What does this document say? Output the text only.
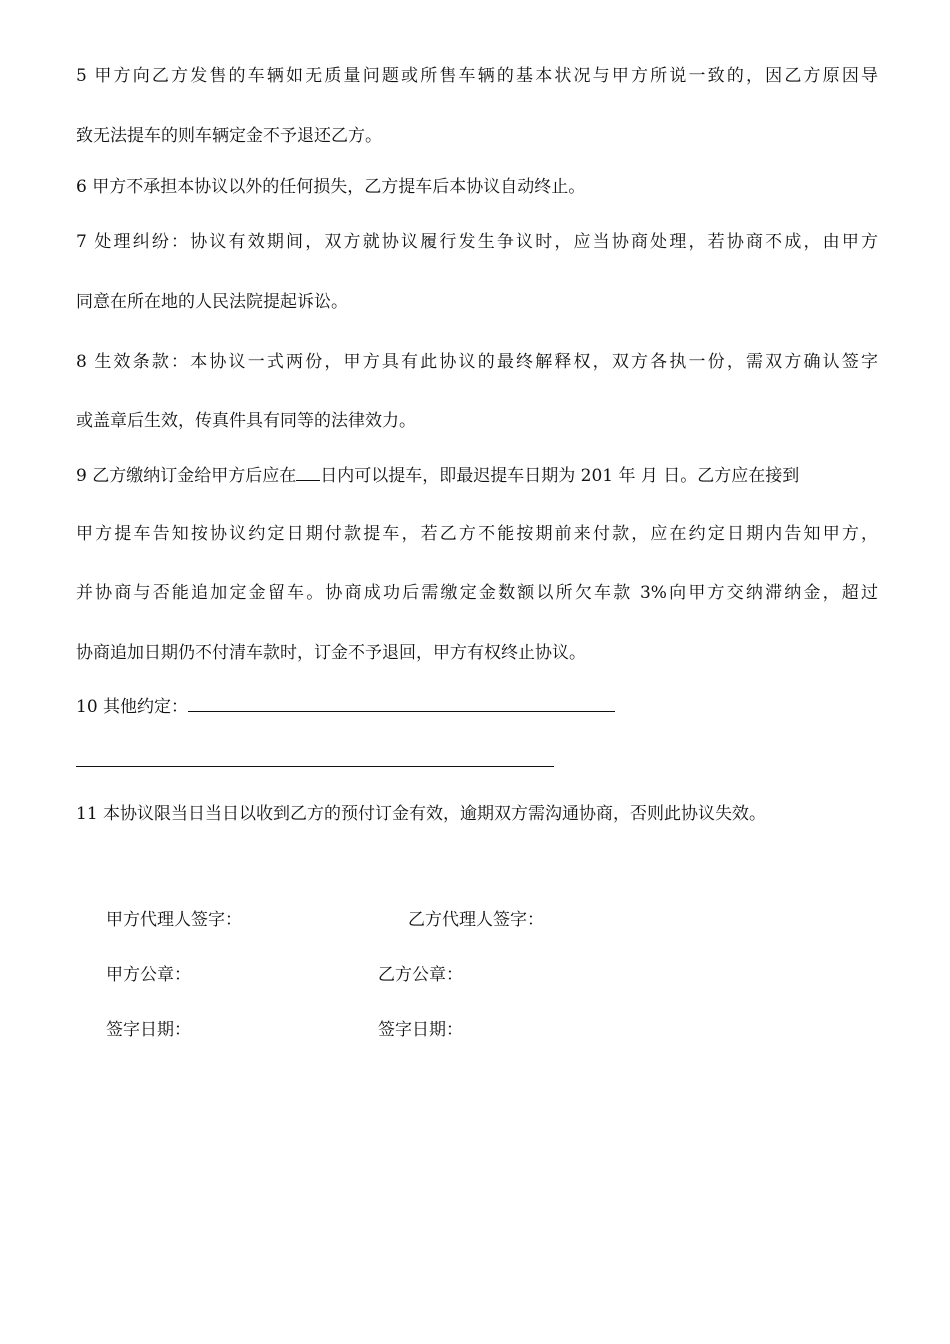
5 甲方向乙方发售的车辆如无质量问题或所售车辆的基本状况与甲方所说一致的，因乙方原因导
致无法提车的则车辆定金不予退还乙方。
6 甲方不承担本协议以外的任何损失，乙方提车后本协议自动终止。
7 处理纠纷：协议有效期间，双方就协议履行发生争议时，应当协商处理，若协商不成，由甲方
同意在所在地的人民法院提起诉讼。
8 生效条款：本协议一式两份，甲方具有此协议的最终解释权，双方各执一份，需双方确认签字
或盖章后生效，传真件具有同等的法律效力。
9 乙方缴纳订金给甲方后应在 日内可以提车，即最迟提车日期为 201 年 月 日。乙方应在接到
甲方提车告知按协议约定日期付款提车，若乙方不能按期前来付款，应在约定日期内告知甲方，
并协商与否能追加定金留车。协商成功后需缴定金数额以所欠车款 3%向甲方交纳滞纳金，超过
协商追加日期仍不付清车款时，订金不予退回，甲方有权终止协议。
10 其他约定：
11 本协议限当日当日以收到乙方的预付订金有效，逾期双方需沟通协商，否则此协议失效。
甲方代理人签字：	乙方代理人签字：
甲方公章：	乙方公章：
签字日期：	签字日期：
